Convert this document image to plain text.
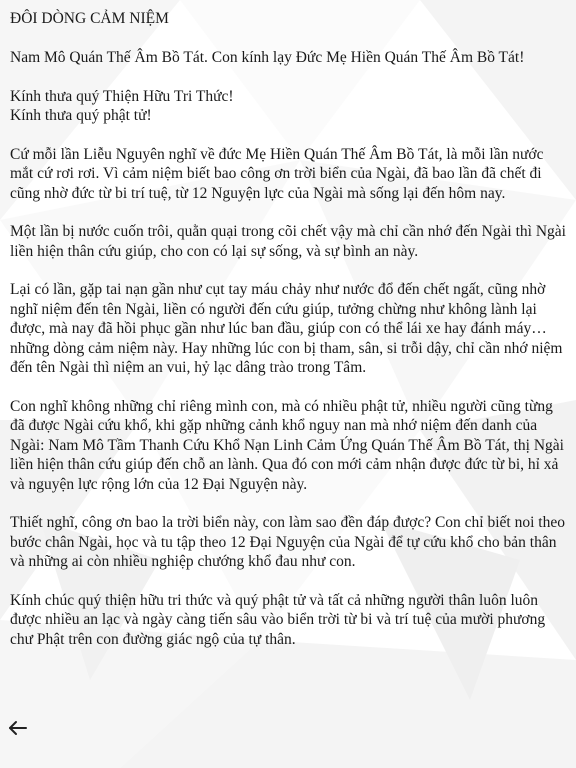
ĐÔI DÒNG CẢM NIỆM
Nam Mô Quán Thế Âm Bồ Tát. Con kính lạy Đức Mẹ Hiền Quán Thế Âm Bồ Tát!
Kính thưa quý Thiện Hữu Tri Thức!
Kính thưa quý phật tử!
Cứ mỗi lần Liễu Nguyên nghĩ về đức Mẹ Hiền Quán Thế Âm Bồ Tát, là mỗi lần nước mắt cứ rơi rơi. Vì cảm niệm biết bao công ơn trời biển của Ngài, đã bao lần đã chết đi cũng nhờ đức từ bi trí tuệ, từ 12 Nguyện lực của Ngài mà sống lại đến hôm nay.
Một lần bị nước cuốn trôi, quằn quại trong cõi chết vậy mà chỉ cần nhớ đến Ngài thì Ngài liền hiện thân cứu giúp, cho con có lại sự sống, và sự bình an này.
Lại có lần, gặp tai nạn gần như cụt tay máu chảy như nước đổ đến chết ngất, cũng nhờ nghĩ niệm đến tên Ngài, liền có người đến cứu giúp, tưởng chừng như không lành lại được, mà nay đã hồi phục gần như lúc ban đầu, giúp con có thể lái xe hay đánh máy… những dòng cảm niệm này. Hay những lúc con bị tham, sân, si trỗi dậy, chỉ cần nhớ niệm đến tên Ngài thì niệm an vui, hỷ lạc dâng trào trong Tâm.
Con nghĩ không những chỉ riêng mình con, mà có nhiều phật tử, nhiều người cũng từng đã được Ngài cứu khổ, khi gặp những cảnh khổ nguy nan mà nhớ niệm đến danh của Ngài: Nam Mô Tầm Thanh Cứu Khổ Nạn Linh Cảm Ứng Quán Thế Âm Bồ Tát, thị Ngài liền hiện thân cứu giúp đến chỗ an lành. Qua đó con mới cảm nhận được đức từ bi, hỉ xả và nguyện lực rộng lớn của 12 Đại Nguyện này.
Thiết nghĩ, công ơn bao la trời biển này, con làm sao đền đáp được? Con chỉ biết noi theo bước chân Ngài, học và tu tập theo 12 Đại Nguyện của Ngài để tự cứu khổ cho bản thân và những ai còn nhiều nghiệp chướng khổ đau như con.
Kính chúc quý thiện hữu tri thức và quý phật tử và tất cả những người thân luôn luôn được nhiều an lạc và ngày càng tiến sâu vào biển trời từ bi và trí tuệ của mười phương chư Phật trên con đường giác ngộ của tự thân.
